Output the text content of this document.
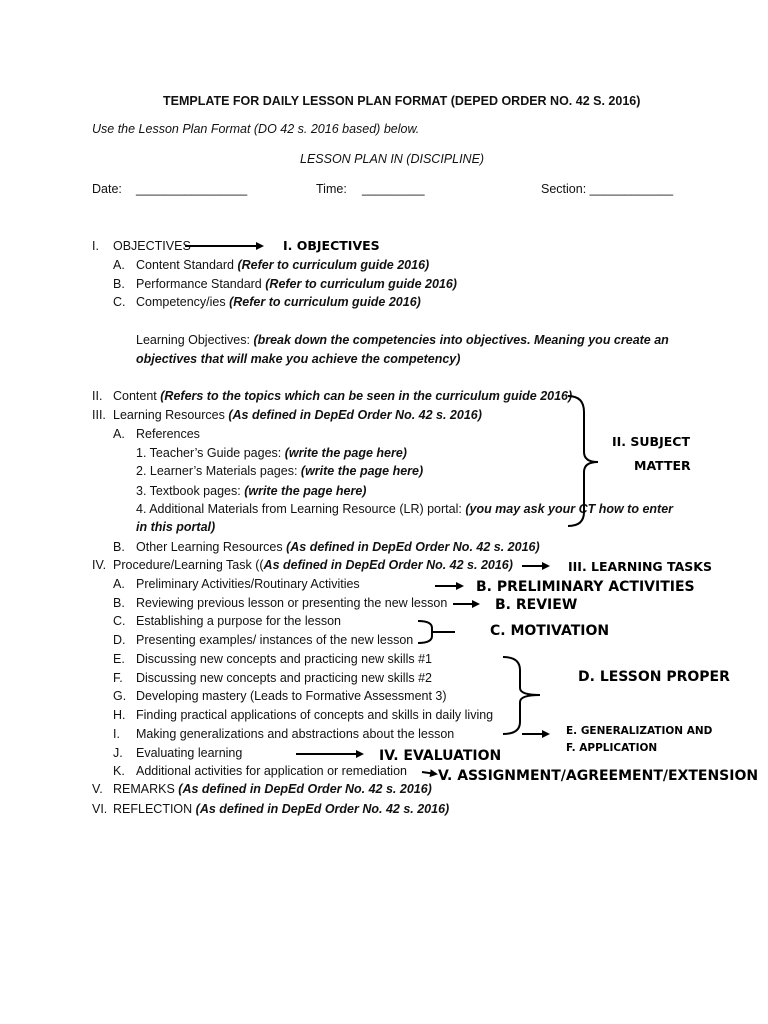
TEMPLATE FOR DAILY LESSON PLAN FORMAT (DEPED ORDER NO. 42 S. 2016)
Use the Lesson Plan Format (DO 42 s. 2016 based) below.
LESSON PLAN IN (DISCIPLINE)
Date: ________________	Time: _________	Section: ____________
I. OBJECTIVES
A. Content Standard (Refer to curriculum guide 2016)
B. Performance Standard (Refer to curriculum guide 2016)
C. Competency/ies (Refer to curriculum guide 2016)
Learning Objectives: (break down the competencies into objectives. Meaning you create an
objectives that will make you achieve the competency)
II. Content (Refers to the topics which can be seen in the curriculum guide 2016)
III. Learning Resources (As defined in DepEd Order No. 42 s. 2016)
A. References
1. Teacher’s Guide pages: (write the page here)
2. Learner’s Materials pages: (write the page here)
3. Textbook pages: (write the page here)
4. Additional Materials from Learning Resource (LR) portal: (you may ask your CT how to enter
in this portal)
B. Other Learning Resources (As defined in DepEd Order No. 42 s. 2016)
IV. Procedure/Learning Task ((As defined in DepEd Order No. 42 s. 2016)
A. Preliminary Activities/Routinary Activities
B. Reviewing previous lesson or presenting the new lesson
C. Establishing a purpose for the lesson
D. Presenting examples/ instances of the new lesson
E. Discussing new concepts and practicing new skills #1
F. Discussing new concepts and practicing new skills #2
G. Developing mastery (Leads to Formative Assessment 3)
H. Finding practical applications of concepts and skills in daily living
I. Making generalizations and abstractions about the lesson
J. Evaluating learning
K. Additional activities for application or remediation
V. REMARKS (As defined in DepEd Order No. 42 s. 2016)
VI. REFLECTION (As defined in DepEd Order No. 42 s. 2016)
I. OBJECTIVES
II. SUBJECT
MATTER
III. LEARNING TASKS
B. PRELIMINARY ACTIVITIES
B. REVIEW
C. MOTIVATION
D. LESSON PROPER
E. GENERALIZATION AND
F. APPLICATION
IV. EVALUATION
V. ASSIGNMENT/AGREEMENT/EXTENSION
